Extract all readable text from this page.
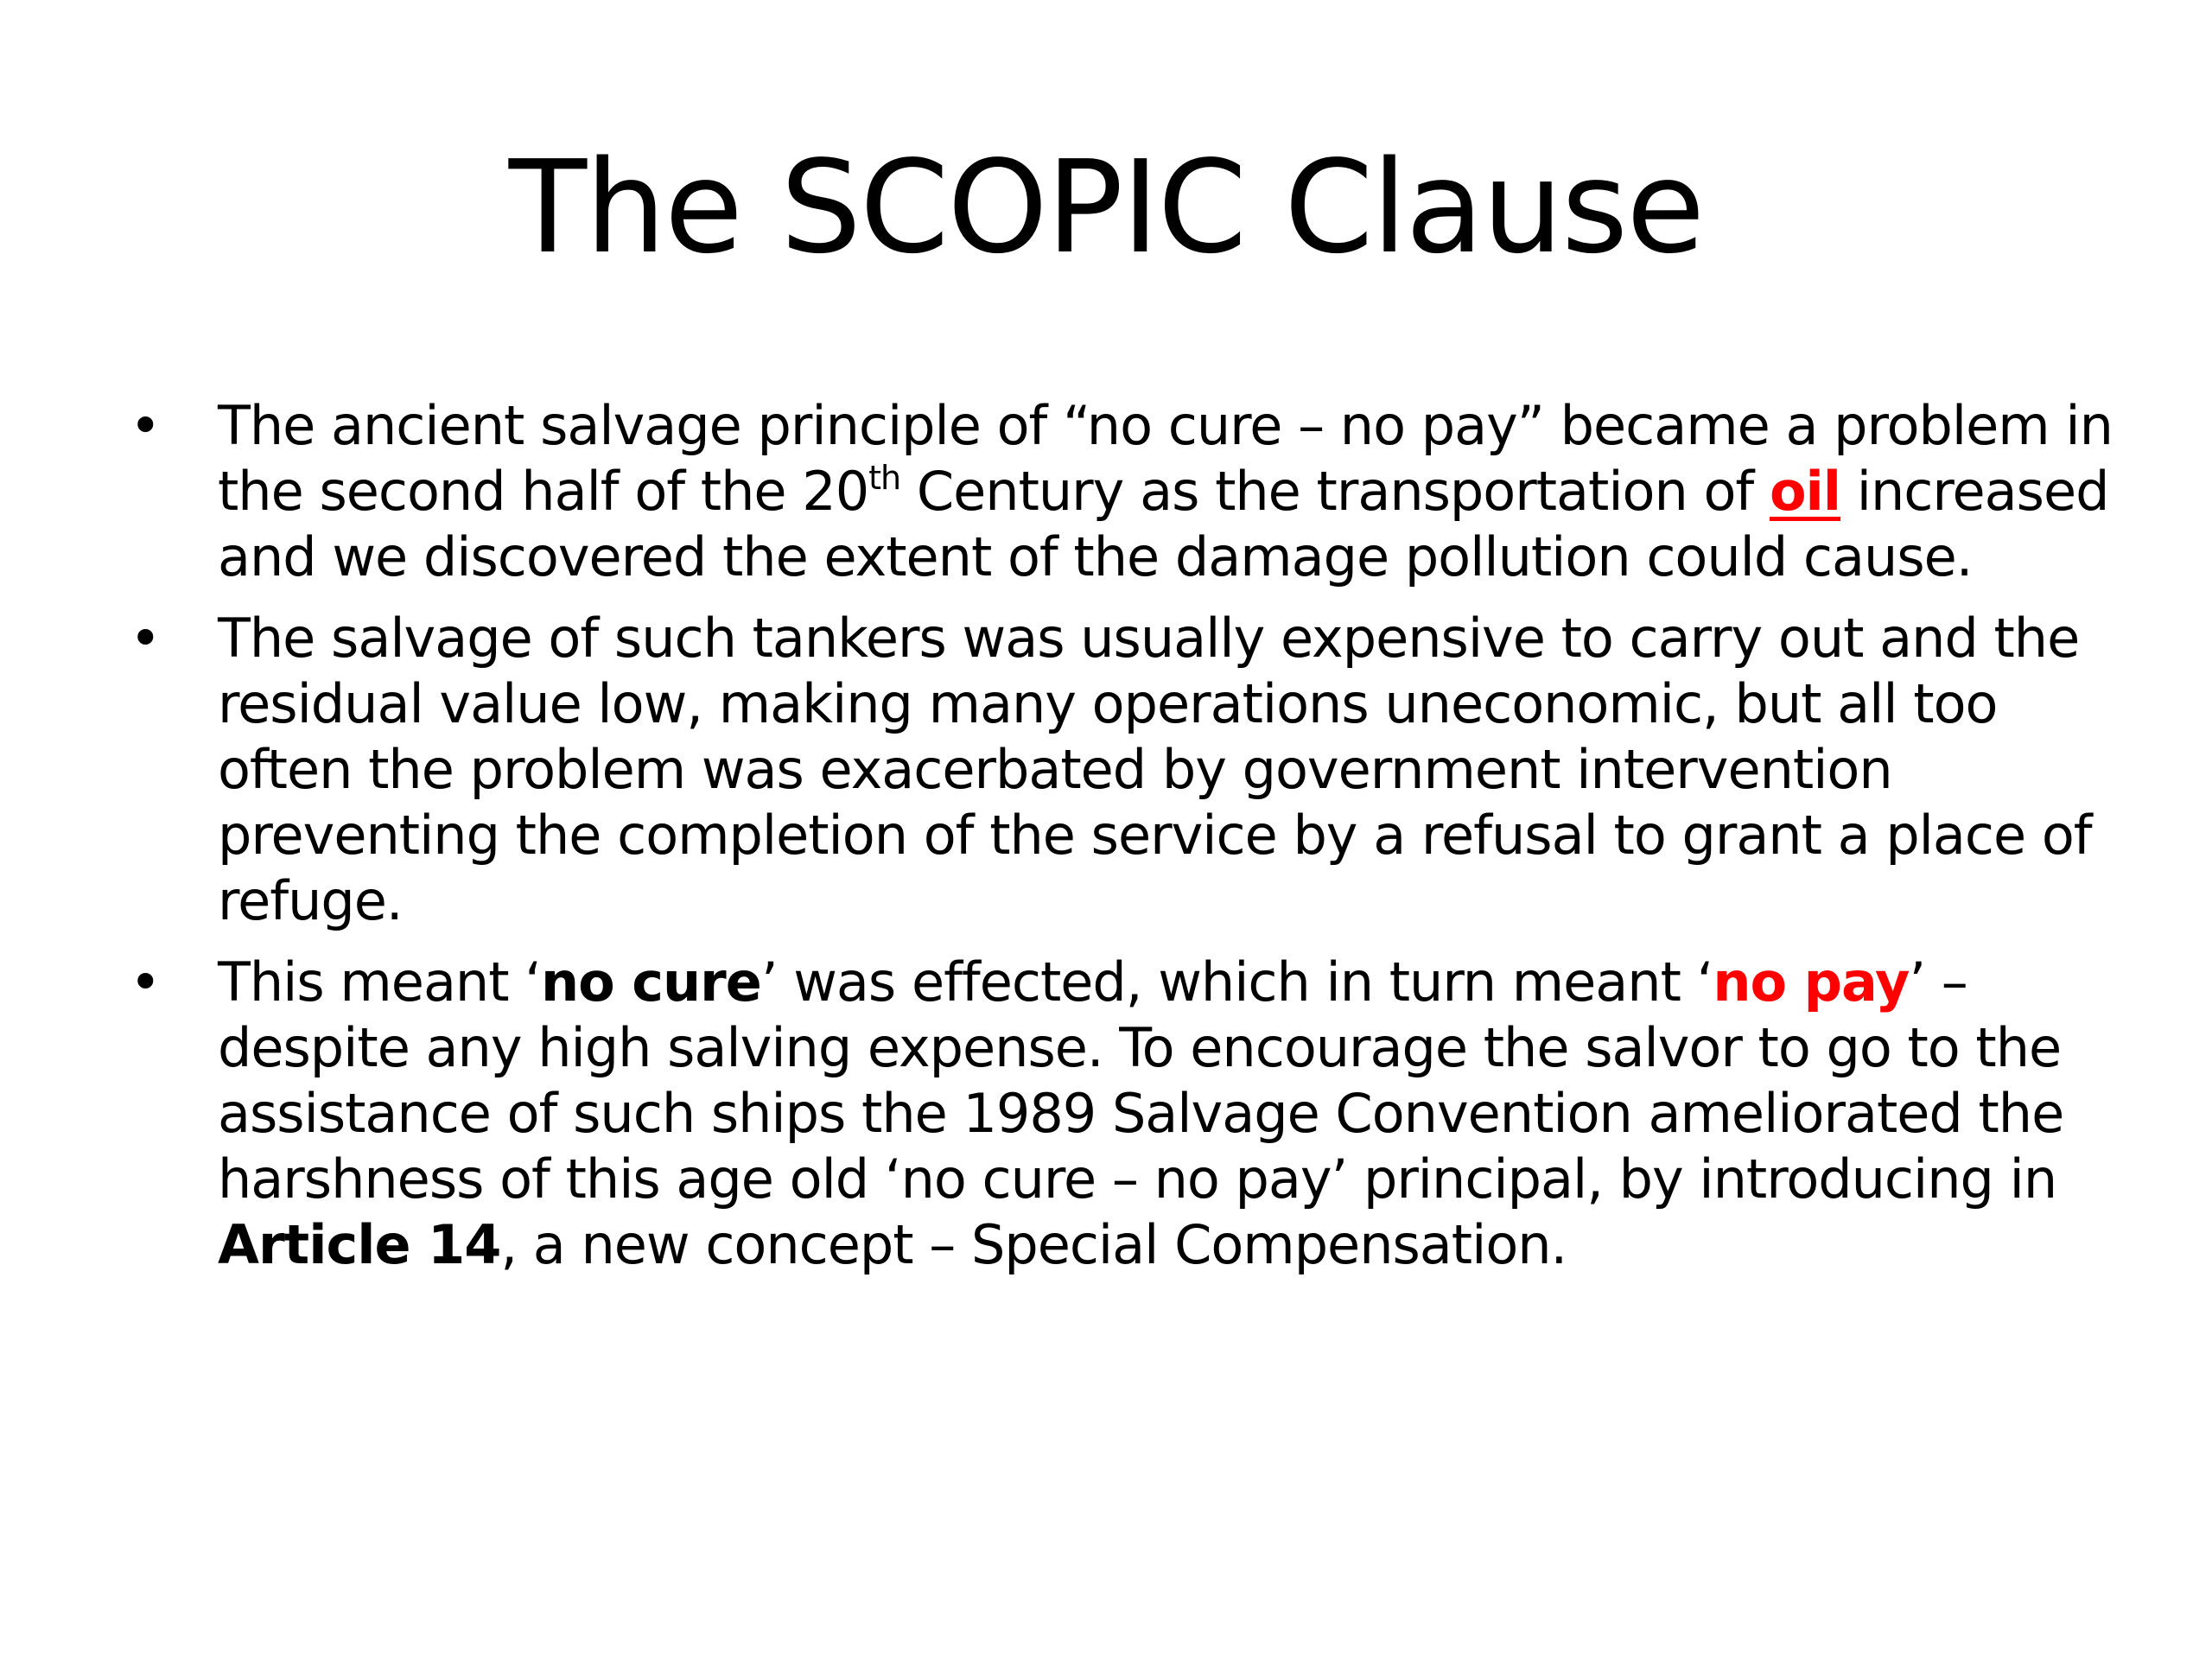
The SCOPIC Clause
• The ancient salvage principle of “no cure – no pay” became a problem in the second half of the 20th Century as the transportation of oil increased and we discovered the extent of the damage pollution could cause.
• The salvage of such tankers was usually expensive to carry out and the residual value low, making many operations uneconomic, but all too often the problem was exacerbated by government intervention preventing the completion of the service by a refusal to grant a place of refuge.
• This meant ‘no cure’ was effected, which in turn meant ‘no pay’ – despite any high salving expense. To encourage the salvor to go to the assistance of such ships the 1989 Salvage Convention ameliorated the harshness of this age old ‘no cure – no pay’ principal, by introducing in Article 14, a new concept – Special Compensation.
